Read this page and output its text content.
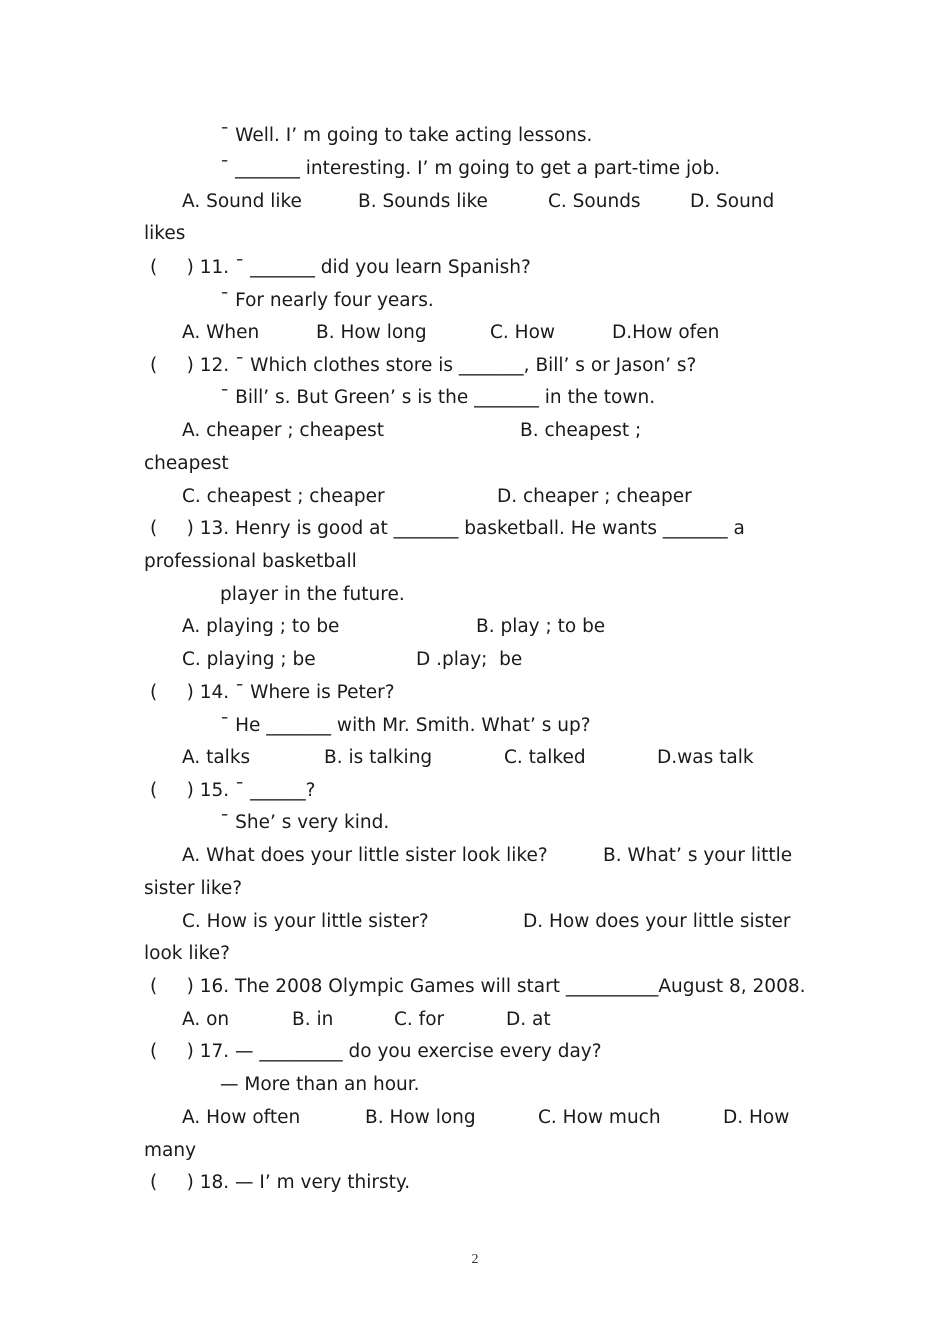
¯ Well. I’ m going to take acting lessons.
¯ _______ interesting. I’ m going to get a part-time job.
A. Sound like	B. Sounds like	C. Sounds	D. Sound
likes
(     ) 11. ¯ _______ did you learn Spanish?
¯ For nearly four years.
A. When	B. How long	C. How	D.How ofen
(     ) 12. ¯ Which clothes store is _______, Bill’ s or Jason’ s?
¯ Bill’ s. But Green’ s is the _______ in the town.
A. cheaper ; cheapest	B. cheapest ;
cheapest
C. cheapest ; cheaper	D. cheaper ; cheaper
(     ) 13. Henry is good at _______ basketball. He wants _______ a
professional basketball
player in the future.
A. playing ; to be	B. play ; to be
C. playing ; be	D .play;  be
(     ) 14. ¯ Where is Peter?
¯ He _______ with Mr. Smith. What’ s up?
A. talks	B. is talking	C. talked	D.was talk
(     ) 15. ¯ ______?
¯ She’ s very kind.
A. What does your little sister look like?	B. What’ s your little
sister like?
C. How is your little sister?	D. How does your little sister
look like?
(     ) 16. The 2008 Olympic Games will start __________August 8, 2008.
A. on	B. in	C. for	D. at
(     ) 17. — _________ do you exercise every day?
— More than an hour.
A. How often	B. How long	C. How much	D. How
many
(     ) 18. — I’ m very thirsty.
2
